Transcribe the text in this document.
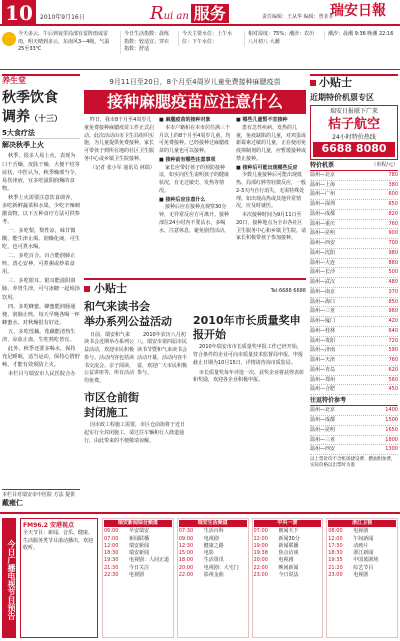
10	2010年9月16日	Rui an 服务	责任编辑：王从华 编辑：曾菲菲
瑞安日報
今天多云，午后到夜里局部有雷阵雨或雷雨，明天晴到多云，东南风3—4级，气温25至33℃
今日生活指数：晨练指数：较适宜；穿衣指数：舒适
今天主要水位：上午水位：下午水位：
相对湿度：75%；潮汐：农历八月初八 大潮
潮汐：晨潮 9:36 晚潮 22:16
养生堂
秋季饮食
调养（十三）
5大食疗法
解决秋季上火

秋季，很多人易上火，表现为口干舌燥、皮肤干燥、大便干结等症状。中医认为，秋季燥邪当令，易伤津液，宜多吃滋阴润燥的食物。

秋季上火需要注意饮食调养，多吃新鲜蔬菜和水果，少吃辛辣刺激食物。以下五种食疗方法可供参考。

一、多吃梨。梨性凉，味甘微酸，能生津止渴、润燥化痰，可生吃，也可煮水喝。

二、多吃百合。百合能润肺止咳，清心安神，可煮粥或炒菜食用。

三、多吃银耳。银耳能滋阴润肺、养胃生津，可与冰糖一起炖汤饮用。

四、多吃蜂蜜。蜂蜜能润肠通便、润肺止咳，每天早晚各喝一杯蜂蜜水，对秋燥很有好处。

五、多吃莲藕。莲藕能清热生津、凉血止血，生吃熟吃皆宜。

此外，秋季还要多喝水，保持充足睡眠，适当运动，保持心情舒畅，才能有效预防上火。

本栏目与瑞安市人民医院合办

本栏目对瑞安市中医院 方法 提供 戴雍仁
9月11日至20日，8个月至4周岁儿童免费接种麻腮疫苗
接种麻腮疫苗应注意什么

昨日，我市8个月至4周岁儿童免费接种麻腮疫苗工作正式启动。此次活动由市卫生局组织实施，为儿童提供免费接种。家长可带孩子到所在地的社区卫生服务中心或乡镇卫生院接种。

（记者 张小军 通讯员 林瑞）

■ 麻腮疫苗的接种对象

本市户籍和在本市居住满三个月以上的8个月至4周岁儿童，均可免费接种。已经接种过麻腮疫苗的儿童也可以接种。

■ 接种前有哪些注意事项

家长应带好孩子的预防接种证，如实向医生说明孩子的健康状况，有无过敏史、发热等情况。

■ 接种后应注意什么

接种后应在接种点观察30分钟，无异常反应方可离开。接种部位24小时内不要沾水，多喝水，注意休息，避免剧烈活动。

■ 哪些儿童暂不宜接种

患有急性疾病、发热的儿童，免疫缺陷的儿童，对鸡蛋或新霉素过敏的儿童，正在使用免疫抑制剂的儿童，应暂缓接种或禁止接种。

■ 接种后可能出现哪些反应

少数儿童接种后可能出现低热、局部红肿等轻微反应，一般2-3天内自行消失，无需特殊处理。如出现高热或其他异常情况，应及时就医。

本次接种时间为9月11日至20日，接种地点为全市各社区卫生服务中心和乡镇卫生院，请家长积极带孩子参加接种。

小贴士	Tel:6688 6688
和气来读书会
举办系列公益活动

日前，瑞安和气来读书会近期举办系列公益活动，欢迎市民积极参与。活动内容包括读书交流会、亲子阅读、公益讲座等，所有活动均免费。

2010年农历八月初八，瑞安市第四届市民读书节暨和气来读书会活动开幕，活动内容丰富，欢迎广大市民积极参与。

市区仓前街
封闭施工

因市政工程施工需要，市区仓前街将于近日起实行全封闭施工，请过往车辆和行人绕道通行，由此带来的不便敬请谅解。

2010年市长质量奖申报开始

2010年瑞安市市长质量奖申报工作已经开始，符合条件的企业可向市质量技术监督局申报。申报截止日期为10月15日，详情请咨询市质监局。

市长质量奖每年评选一次，获奖企业将获得表彰和奖励，欢迎各企业积极申报。

小贴士
近期特价机票专区
瑞安日报联下广来
桔子航空
24小时特价热线
6688 8080
特价机票	（单程/元）
温州—北京	780
温州—上海	380
温州—广州	600
温州—深圳	650
温州—成都	820
温州—重庆	760
温州—昆明	900
温州—西安	700
温州—沈阳	980
温州—大连	880
温州—长沙	500
温州—武汉	480
温州—南京	370
温州—海口	850
温州—三亚	960
温州—厦门	420
温州—桂林	640
温州—贵阳	720
温州—济南	590
温州—天津	760
温州—青岛	620
温州—郑州	560
温州—合肥	450
往返特价参考
温州—北京	1400
温州—成都	1500
温州—昆明	1650
温州—三亚	1800
温州—西安	1300
以上票价均不含机场建设费、燃油附加费，实际价格以出票时为准
今日广播电视节目预告
FM96.2 安港视点
全天节目：新闻、音乐、健康、生活服务类节目滚动播出，欢迎收听。
瑞安新闻综合频道
06:00	早安瑞安
07:00	新闻联播
12:00	瑞安新闻
18:30	瑞安新闻
19:30	电视剧：人间正道
21:30	今日关注
22:30	电视剧
瑞安生活频道
07:30	生活百科
09:00	电视剧
12:30	健康之路
15:00	电影
18:00	生活资讯
20:00	电视剧：大宅门
22:00	影视金曲
中央一套
07:00	朝闻天下
12:00	新闻30分
19:00	新闻联播
19:38	焦点访谈
20:00	电视剧
22:00	晚间新闻
23:00	今日说法
浙江卫视
08:00	电视剧
12:00	午间新闻
17:30	动画片
18:30	浙江新闻
19:35	中国蓝剧场
21:20	综艺节目
23:00	电视剧
